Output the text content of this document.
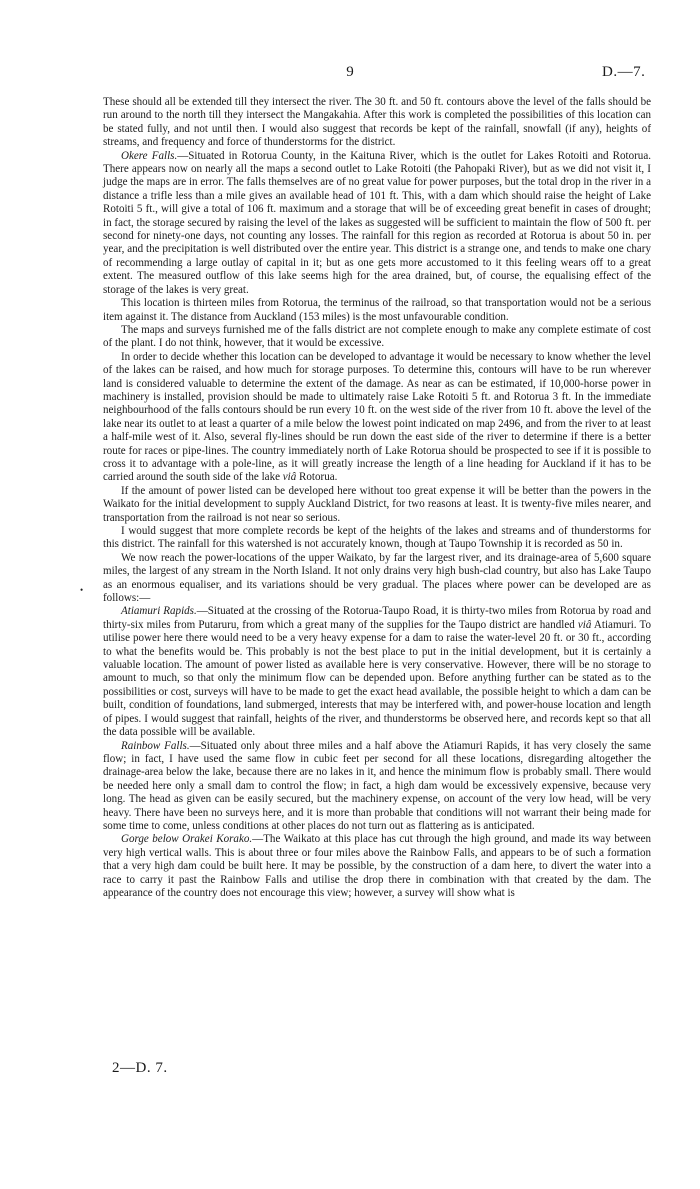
9	D.—7.
•

These should all be extended till they intersect the river. The 30 ft. and 50 ft. contours above the level of the falls should be run around to the north till they intersect the Mangakahia. After this work is completed the possibilities of this location can be stated fully, and not until then. I would also suggest that records be kept of the rainfall, snowfall (if any), heights of streams, and frequency and force of thunderstorms for the district.

Okere Falls.—Situated in Rotorua County, in the Kaituna River, which is the outlet for Lakes Rotoiti and Rotorua. There appears now on nearly all the maps a second outlet to Lake Rotoiti (the Pahopaki River), but as we did not visit it, I judge the maps are in error. The falls themselves are of no great value for power purposes, but the total drop in the river in a distance a trifle less than a mile gives an available head of 101 ft. This, with a dam which should raise the height of Lake Rotoiti 5 ft., will give a total of 106 ft. maximum and a storage that will be of exceeding great benefit in cases of drought; in fact, the storage secured by raising the level of the lakes as suggested will be sufficient to maintain the flow of 500 ft. per second for ninety-one days, not counting any losses. The rainfall for this region as recorded at Rotorua is about 50 in. per year, and the precipitation is well distributed over the entire year. This district is a strange one, and tends to make one chary of recommending a large outlay of capital in it; but as one gets more accustomed to it this feeling wears off to a great extent. The measured outflow of this lake seems high for the area drained, but, of course, the equalising effect of the storage of the lakes is very great.

This location is thirteen miles from Rotorua, the terminus of the railroad, so that transportation would not be a serious item against it. The distance from Auckland (153 miles) is the most unfavourable condition.

The maps and surveys furnished me of the falls district are not complete enough to make any complete estimate of cost of the plant. I do not think, however, that it would be excessive.

In order to decide whether this location can be developed to advantage it would be necessary to know whether the level of the lakes can be raised, and how much for storage purposes. To determine this, contours will have to be run wherever land is considered valuable to determine the extent of the damage. As near as can be estimated, if 10,000-horse power in machinery is installed, provision should be made to ultimately raise Lake Rotoiti 5 ft. and Rotorua 3 ft. In the immediate neighbourhood of the falls contours should be run every 10 ft. on the west side of the river from 10 ft. above the level of the lake near its outlet to at least a quarter of a mile below the lowest point indicated on map 2496, and from the river to at least a half-mile west of it. Also, several fly-lines should be run down the east side of the river to determine if there is a better route for races or pipe-lines. The country immediately north of Lake Rotorua should be prospected to see if it is possible to cross it to advantage with a pole-line, as it will greatly increase the length of a line heading for Auckland if it has to be carried around the south side of the lake viâ Rotorua.

If the amount of power listed can be developed here without too great expense it will be better than the powers in the Waikato for the initial development to supply Auckland District, for two reasons at least. It is twenty-five miles nearer, and transportation from the railroad is not near so serious.

I would suggest that more complete records be kept of the heights of the lakes and streams and of thunderstorms for this district. The rainfall for this watershed is not accurately known, though at Taupo Township it is recorded as 50 in.

We now reach the power-locations of the upper Waikato, by far the largest river, and its drainage-area of 5,600 square miles, the largest of any stream in the North Island. It not only drains very high bush-clad country, but also has Lake Taupo as an enormous equaliser, and its variations should be very gradual. The places where power can be developed are as follows:—

Atiamuri Rapids.—Situated at the crossing of the Rotorua-Taupo Road, it is thirty-two miles from Rotorua by road and thirty-six miles from Putaruru, from which a great many of the supplies for the Taupo district are handled viâ Atiamuri. To utilise power here there would need to be a very heavy expense for a dam to raise the water-level 20 ft. or 30 ft., according to what the benefits would be. This probably is not the best place to put in the initial development, but it is certainly a valuable location. The amount of power listed as available here is very conservative. However, there will be no storage to amount to much, so that only the minimum flow can be depended upon. Before anything further can be stated as to the possibilities or cost, surveys will have to be made to get the exact head available, the possible height to which a dam can be built, condition of foundations, land submerged, interests that may be interfered with, and power-house location and length of pipes. I would suggest that rainfall, heights of the river, and thunderstorms be observed here, and records kept so that all the data possible will be available.

Rainbow Falls.—Situated only about three miles and a half above the Atiamuri Rapids, it has very closely the same flow; in fact, I have used the same flow in cubic feet per second for all these locations, disregarding altogether the drainage-area below the lake, because there are no lakes in it, and hence the minimum flow is probably small. There would be needed here only a small dam to control the flow; in fact, a high dam would be excessively expensive, because very long. The head as given can be easily secured, but the machinery expense, on account of the very low head, will be very heavy. There have been no surveys here, and it is more than probable that conditions will not warrant their being made for some time to come, unless conditions at other places do not turn out as flattering as is anticipated.

Gorge below Orakei Korako.—The Waikato at this place has cut through the high ground, and made its way between very high vertical walls. This is about three or four miles above the Rainbow Falls, and appears to be of such a formation that a very high dam could be built here. It may be possible, by the construction of a dam here, to divert the water into a race to carry it past the Rainbow Falls and utilise the drop there in combination with that created by the dam. The appearance of the country does not encourage this view; however, a survey will show what is

2—D. 7.
